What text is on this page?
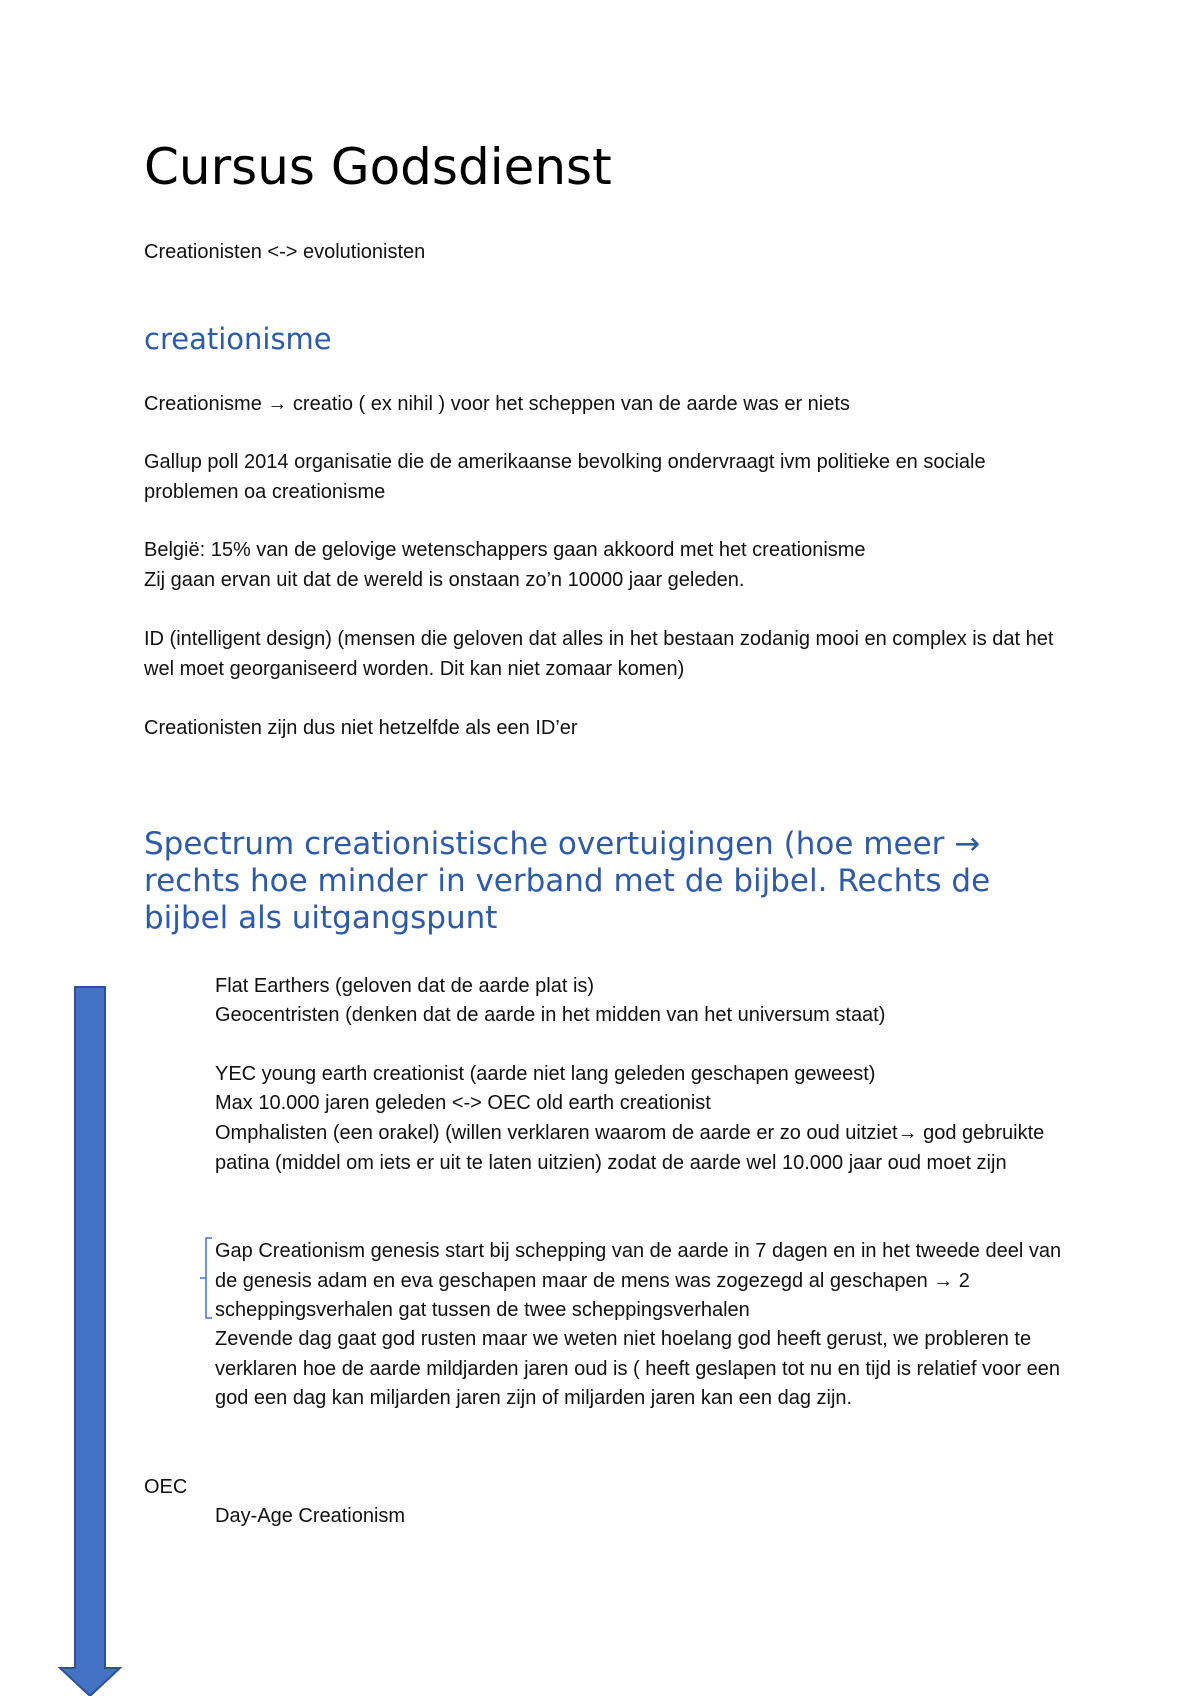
Cursus Godsdienst

Creationisten <-> evolutionisten

creationisme

Creationisme → creatio ( ex nihil ) voor het scheppen van de aarde was er niets

Gallup poll 2014 organisatie die de amerikaanse bevolking ondervraagt ivm politieke en sociale problemen oa creationisme

België: 15% van de gelovige wetenschappers gaan akkoord met het creationisme

Zij gaan ervan uit dat de wereld is onstaan zo’n 10000 jaar geleden.

ID (intelligent design) (mensen die geloven dat alles in het bestaan zodanig mooi en complex is dat het wel moet georganiseerd worden. Dit kan niet zomaar komen)

Creationisten zijn dus niet hetzelfde als een ID’er

Spectrum creationistische overtuigingen (hoe meer → rechts hoe minder in verband met de bijbel. Rechts de bijbel als uitgangspunt

Flat Earthers (geloven dat de aarde plat is)

Geocentristen (denken dat de aarde in het midden van het universum staat)

YEC young earth creationist (aarde niet lang geleden geschapen geweest)

Max 10.000 jaren geleden <-> OEC old earth creationist

Omphalisten (een orakel) (willen verklaren waarom de aarde er zo oud uitziet→ god gebruikte patina (middel om iets er uit te laten uitzien) zodat de aarde wel 10.000 jaar oud moet zijn

Gap Creationism genesis start bij schepping van de aarde in 7 dagen en in het tweede deel van de genesis adam en eva geschapen maar de mens was zogezegd al geschapen → 2 scheppingsverhalen gat tussen de twee scheppingsverhalen

Zevende dag gaat god rusten maar we weten niet hoelang god heeft gerust, we probleren te verklaren hoe de aarde mildjarden jaren oud is ( heeft geslapen tot nu en tijd is relatief voor een god een dag kan miljarden jaren zijn of miljarden jaren kan een dag zijn.

OEC

Day-Age Creationism
